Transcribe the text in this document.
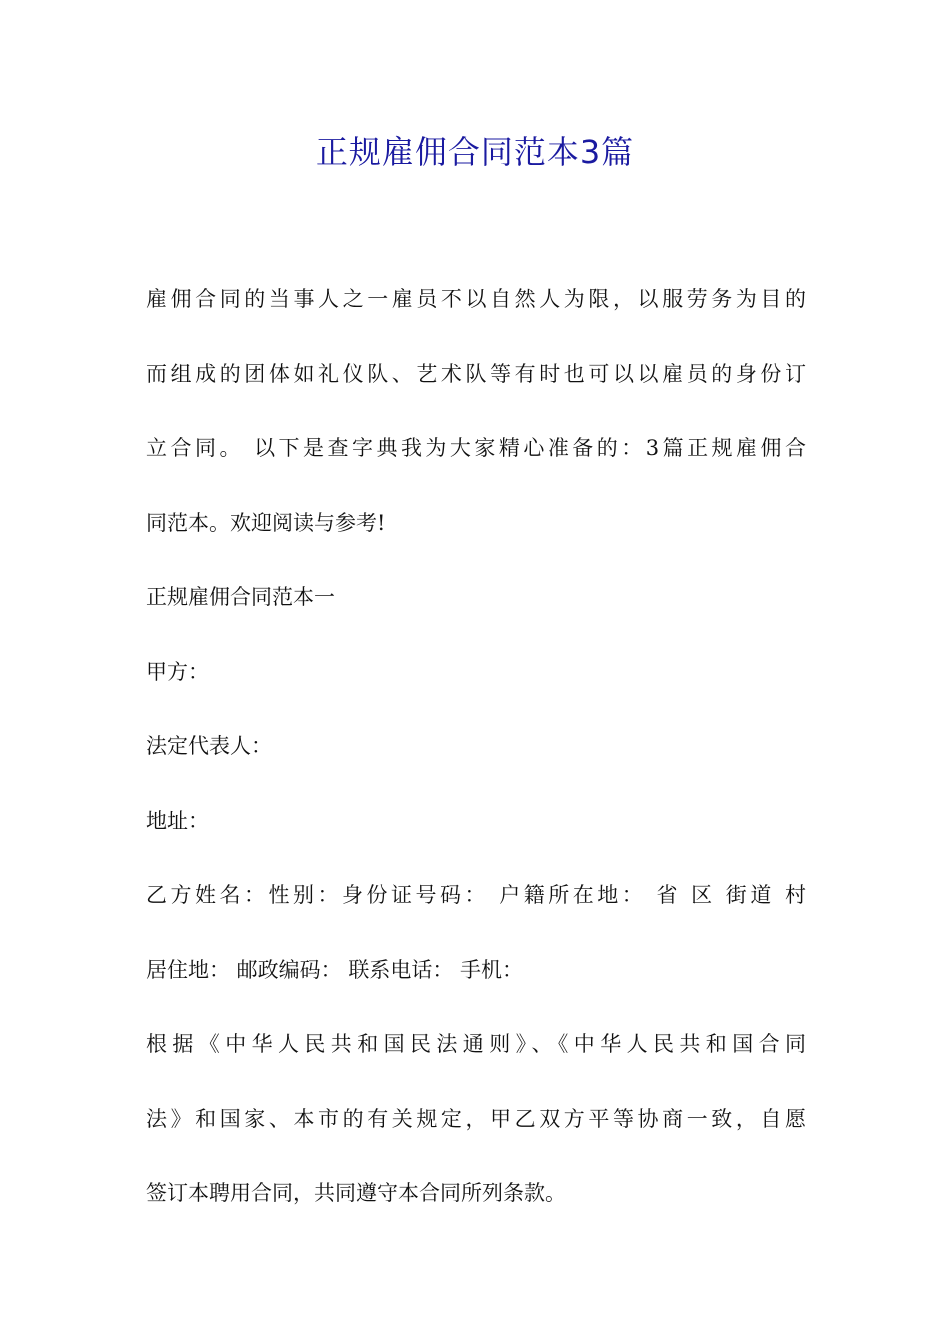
正规雇佣合同范本3篇
雇佣合同的当事人之一雇员不以自然人为限，以服劳务为目的
而组成的团体如礼仪队、艺术队等有时也可以以雇员的身份订
立合同。 以下是查字典我为大家精心准备的：3篇正规雇佣合
同范本。欢迎阅读与参考!
正规雇佣合同范本一
甲方：
法定代表人：
地址：
乙方姓名：性别：身份证号码： 户籍所在地： 省 区 街道 村
居住地： 邮政编码： 联系电话： 手机：
根据《中华人民共和国民法通则》、《中华人民共和国合同
法》和国家、本市的有关规定，甲乙双方平等协商一致，自愿
签订本聘用合同，共同遵守本合同所列条款。
